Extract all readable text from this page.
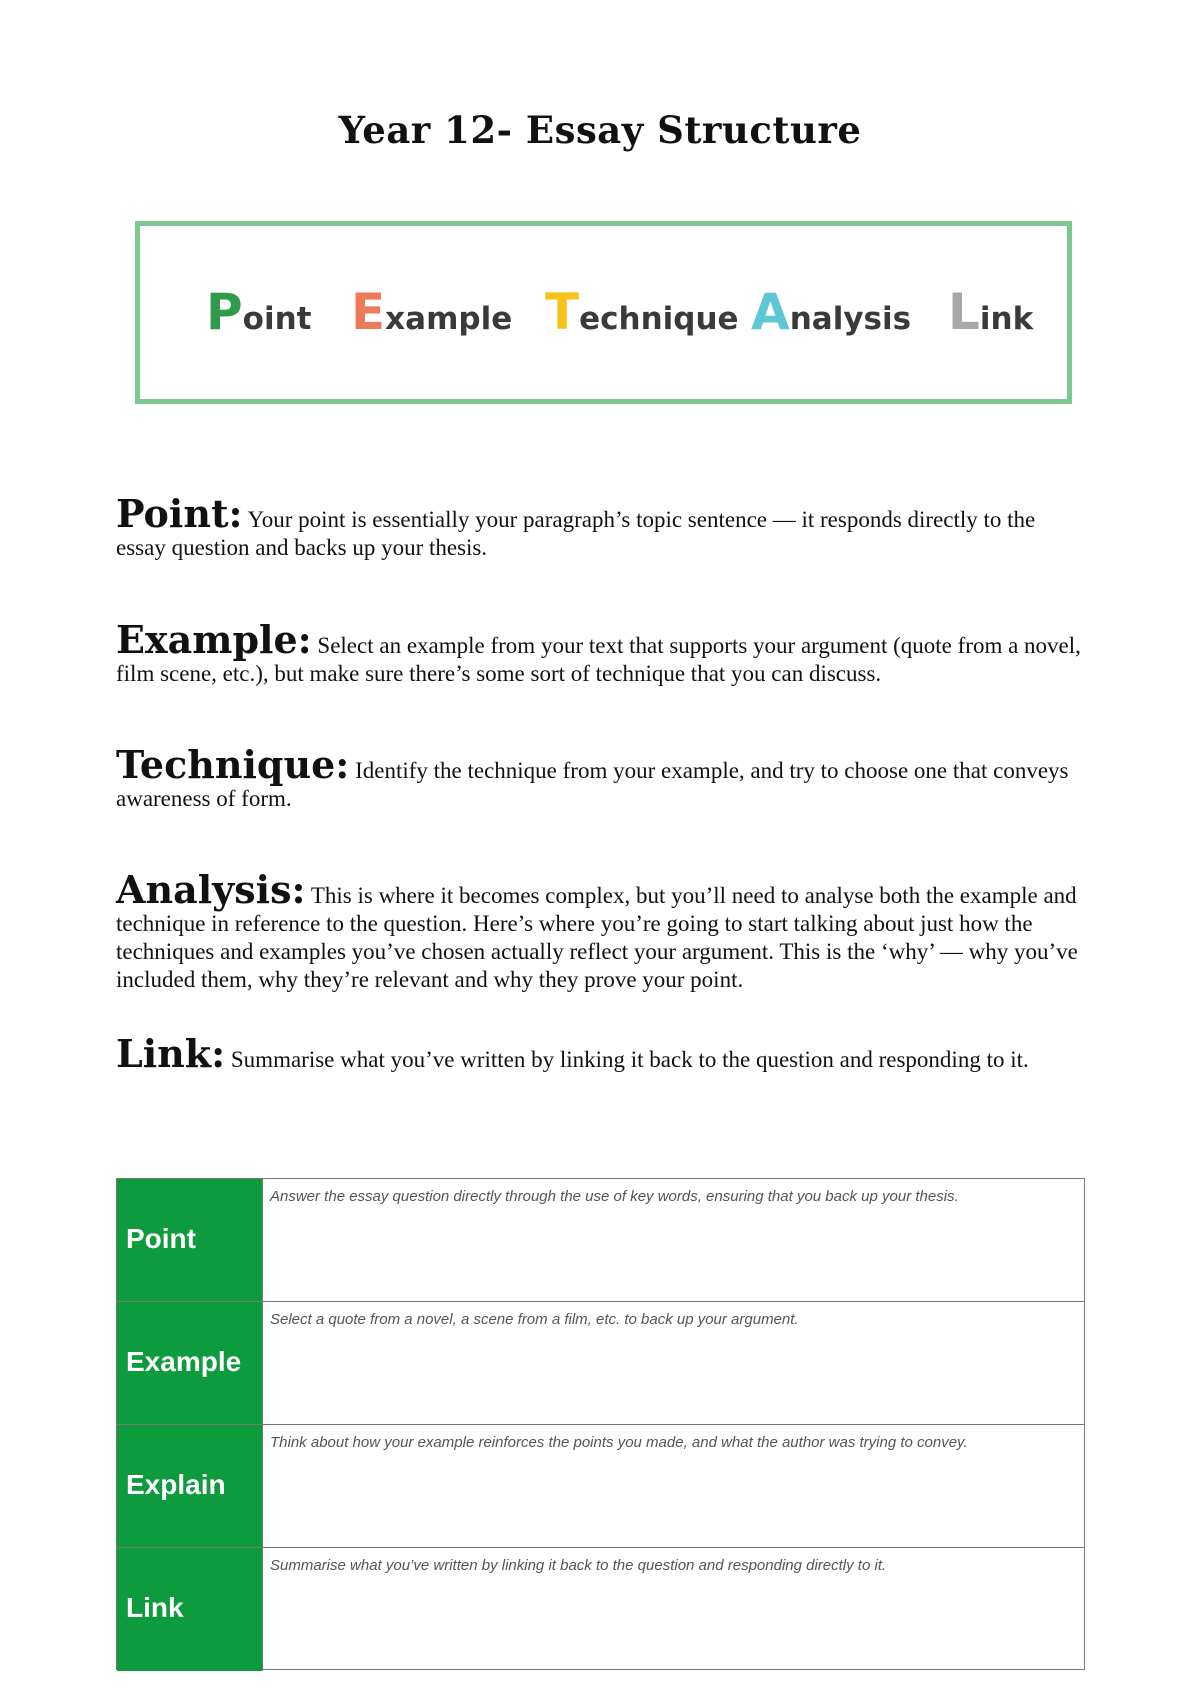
Year 12- Essay Structure
Point Example Technique Analysis Link
Point: Your point is essentially your paragraph’s topic sentence — it responds directly to the essay question and backs up your thesis.
Example: Select an example from your text that supports your argument (quote from a novel, film scene, etc.), but make sure there’s some sort of technique that you can discuss.
Technique: Identify the technique from your example, and try to choose one that conveys awareness of form.
Analysis: This is where it becomes complex, but you’ll need to analyse both the example and technique in reference to the question. Here’s where you’re going to start talking about just how the techniques and examples you’ve chosen actually reflect your argument. This is the ‘why’ — why you’ve included them, why they’re relevant and why they prove your point.
Link: Summarise what you’ve written by linking it back to the question and responding to it.
Point
Answer the essay question directly through the use of key words, ensuring that you back up your thesis.
Example
Select a quote from a novel, a scene from a film, etc. to back up your argument.
Explain
Think about how your example reinforces the points you made, and what the author was trying to convey.
Link
Summarise what you’ve written by linking it back to the question and responding directly to it.
